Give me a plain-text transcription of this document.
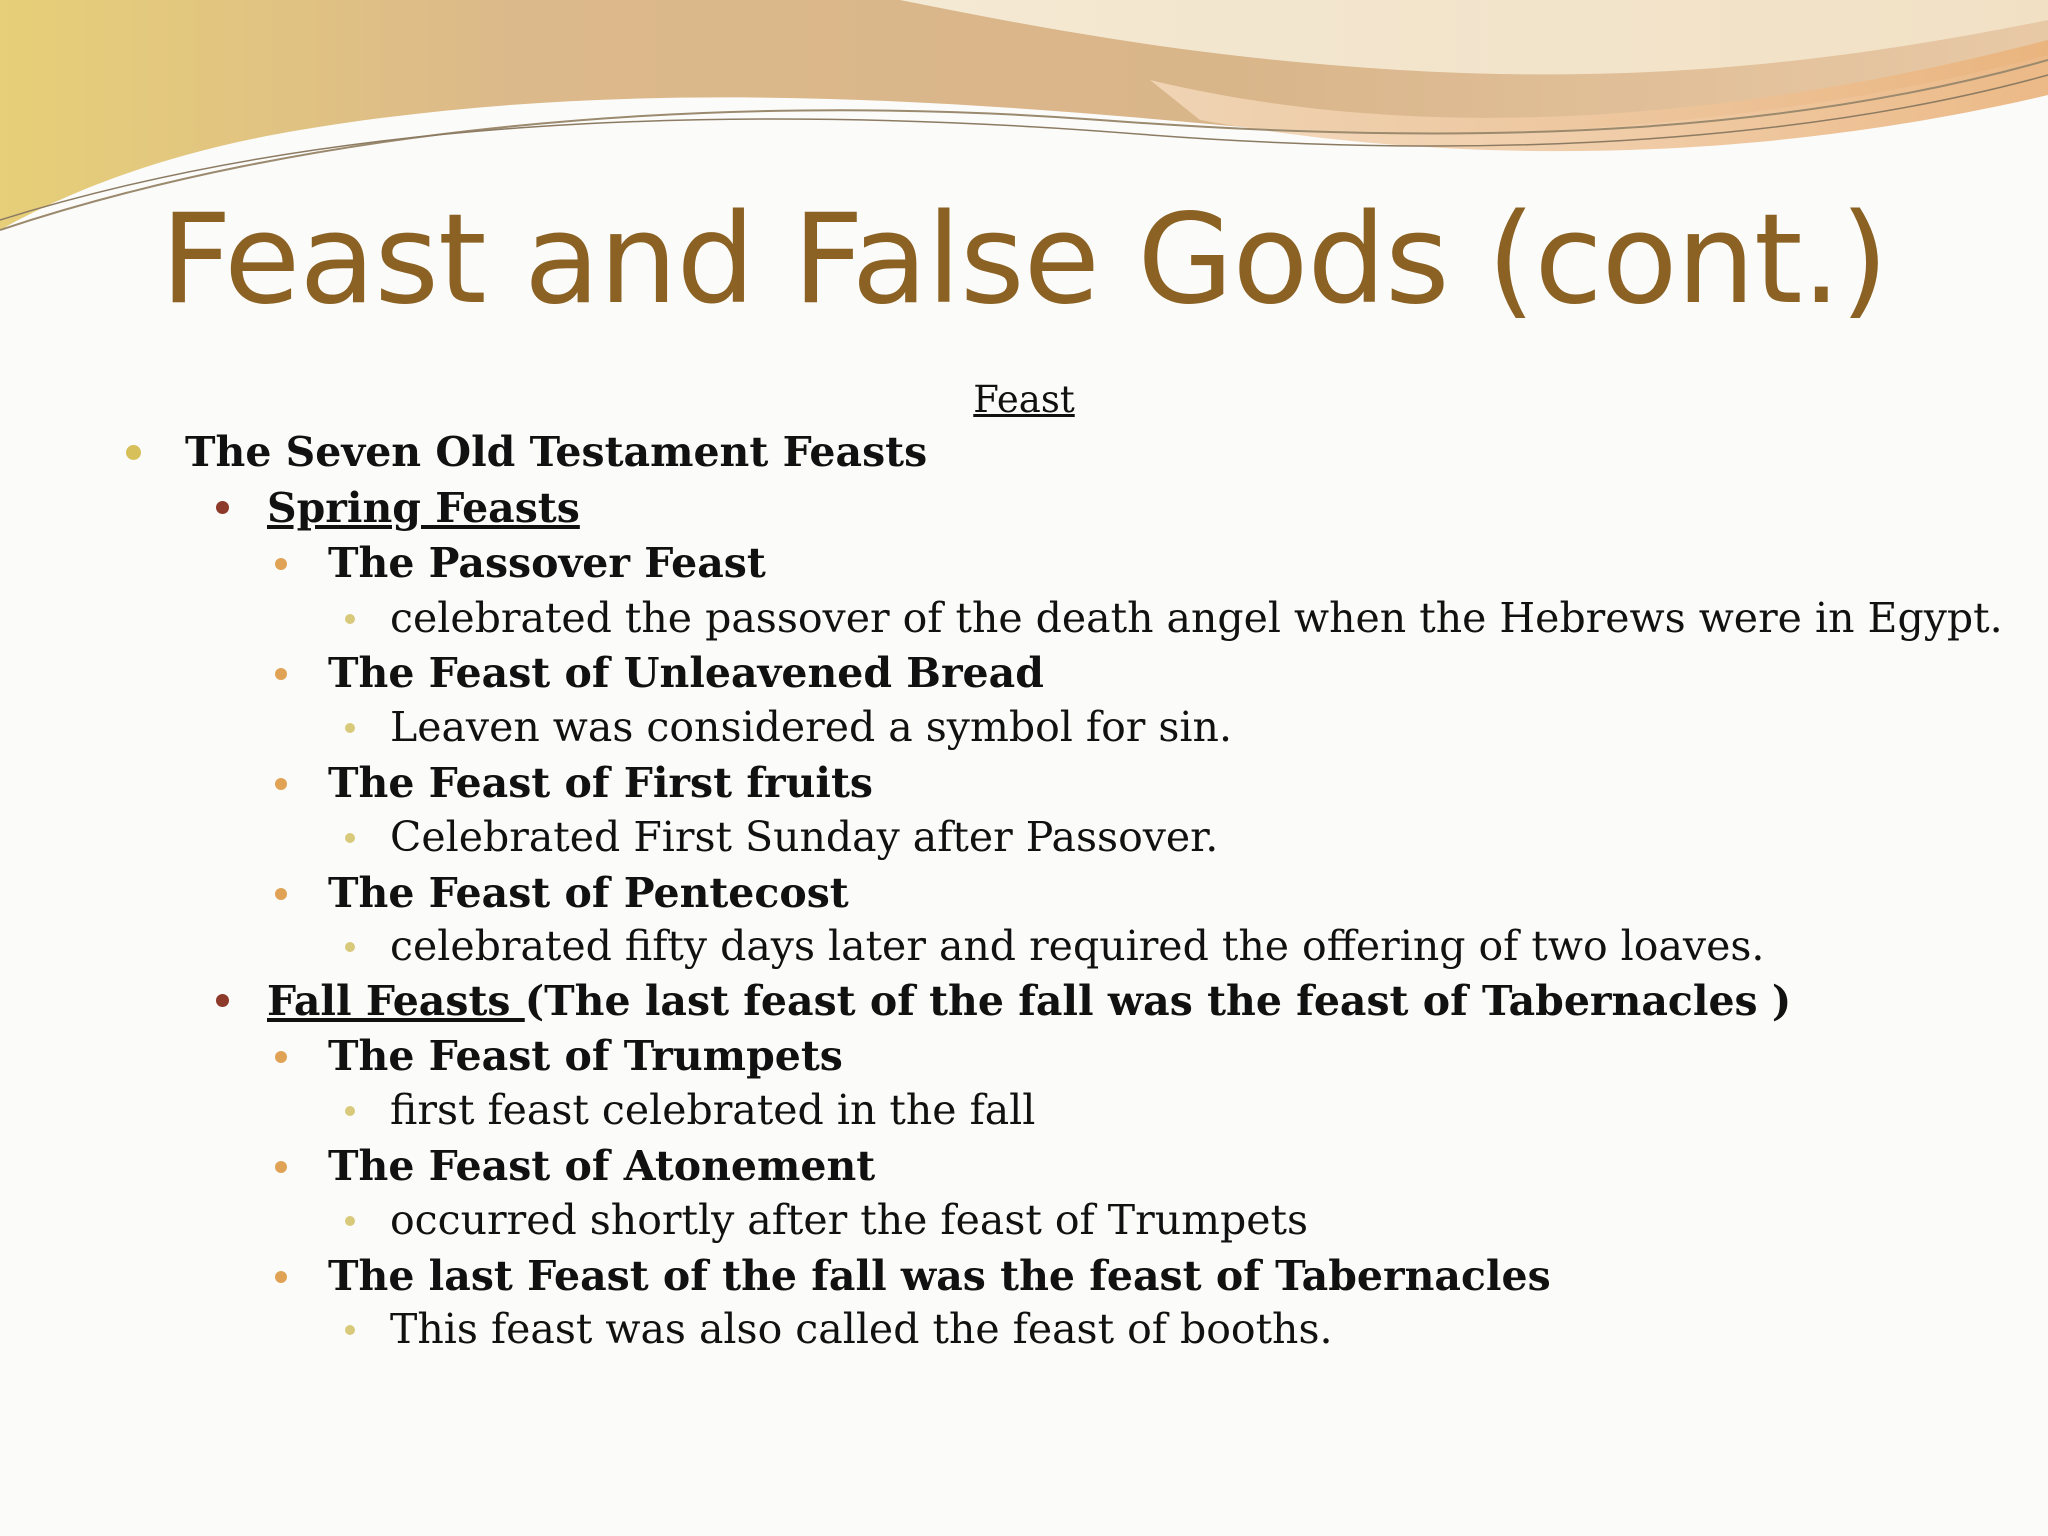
Feast and False Gods (cont.)
Feast
The Seven Old Testament Feasts
Spring Feasts
The Passover Feast
celebrated the passover of the death angel when the Hebrews were in Egypt.
The Feast of Unleavened Bread
Leaven was considered a symbol for sin.
The Feast of First fruits
Celebrated First Sunday after Passover.
The Feast of Pentecost
celebrated fifty days later and required the offering of two loaves.
Fall Feasts (The last feast of the fall was the feast of Tabernacles )
The Feast of Trumpets
first feast celebrated in the fall
The Feast of Atonement
occurred shortly after the feast of Trumpets
The last Feast of the fall was the feast of Tabernacles
This feast was also called the feast of booths.
